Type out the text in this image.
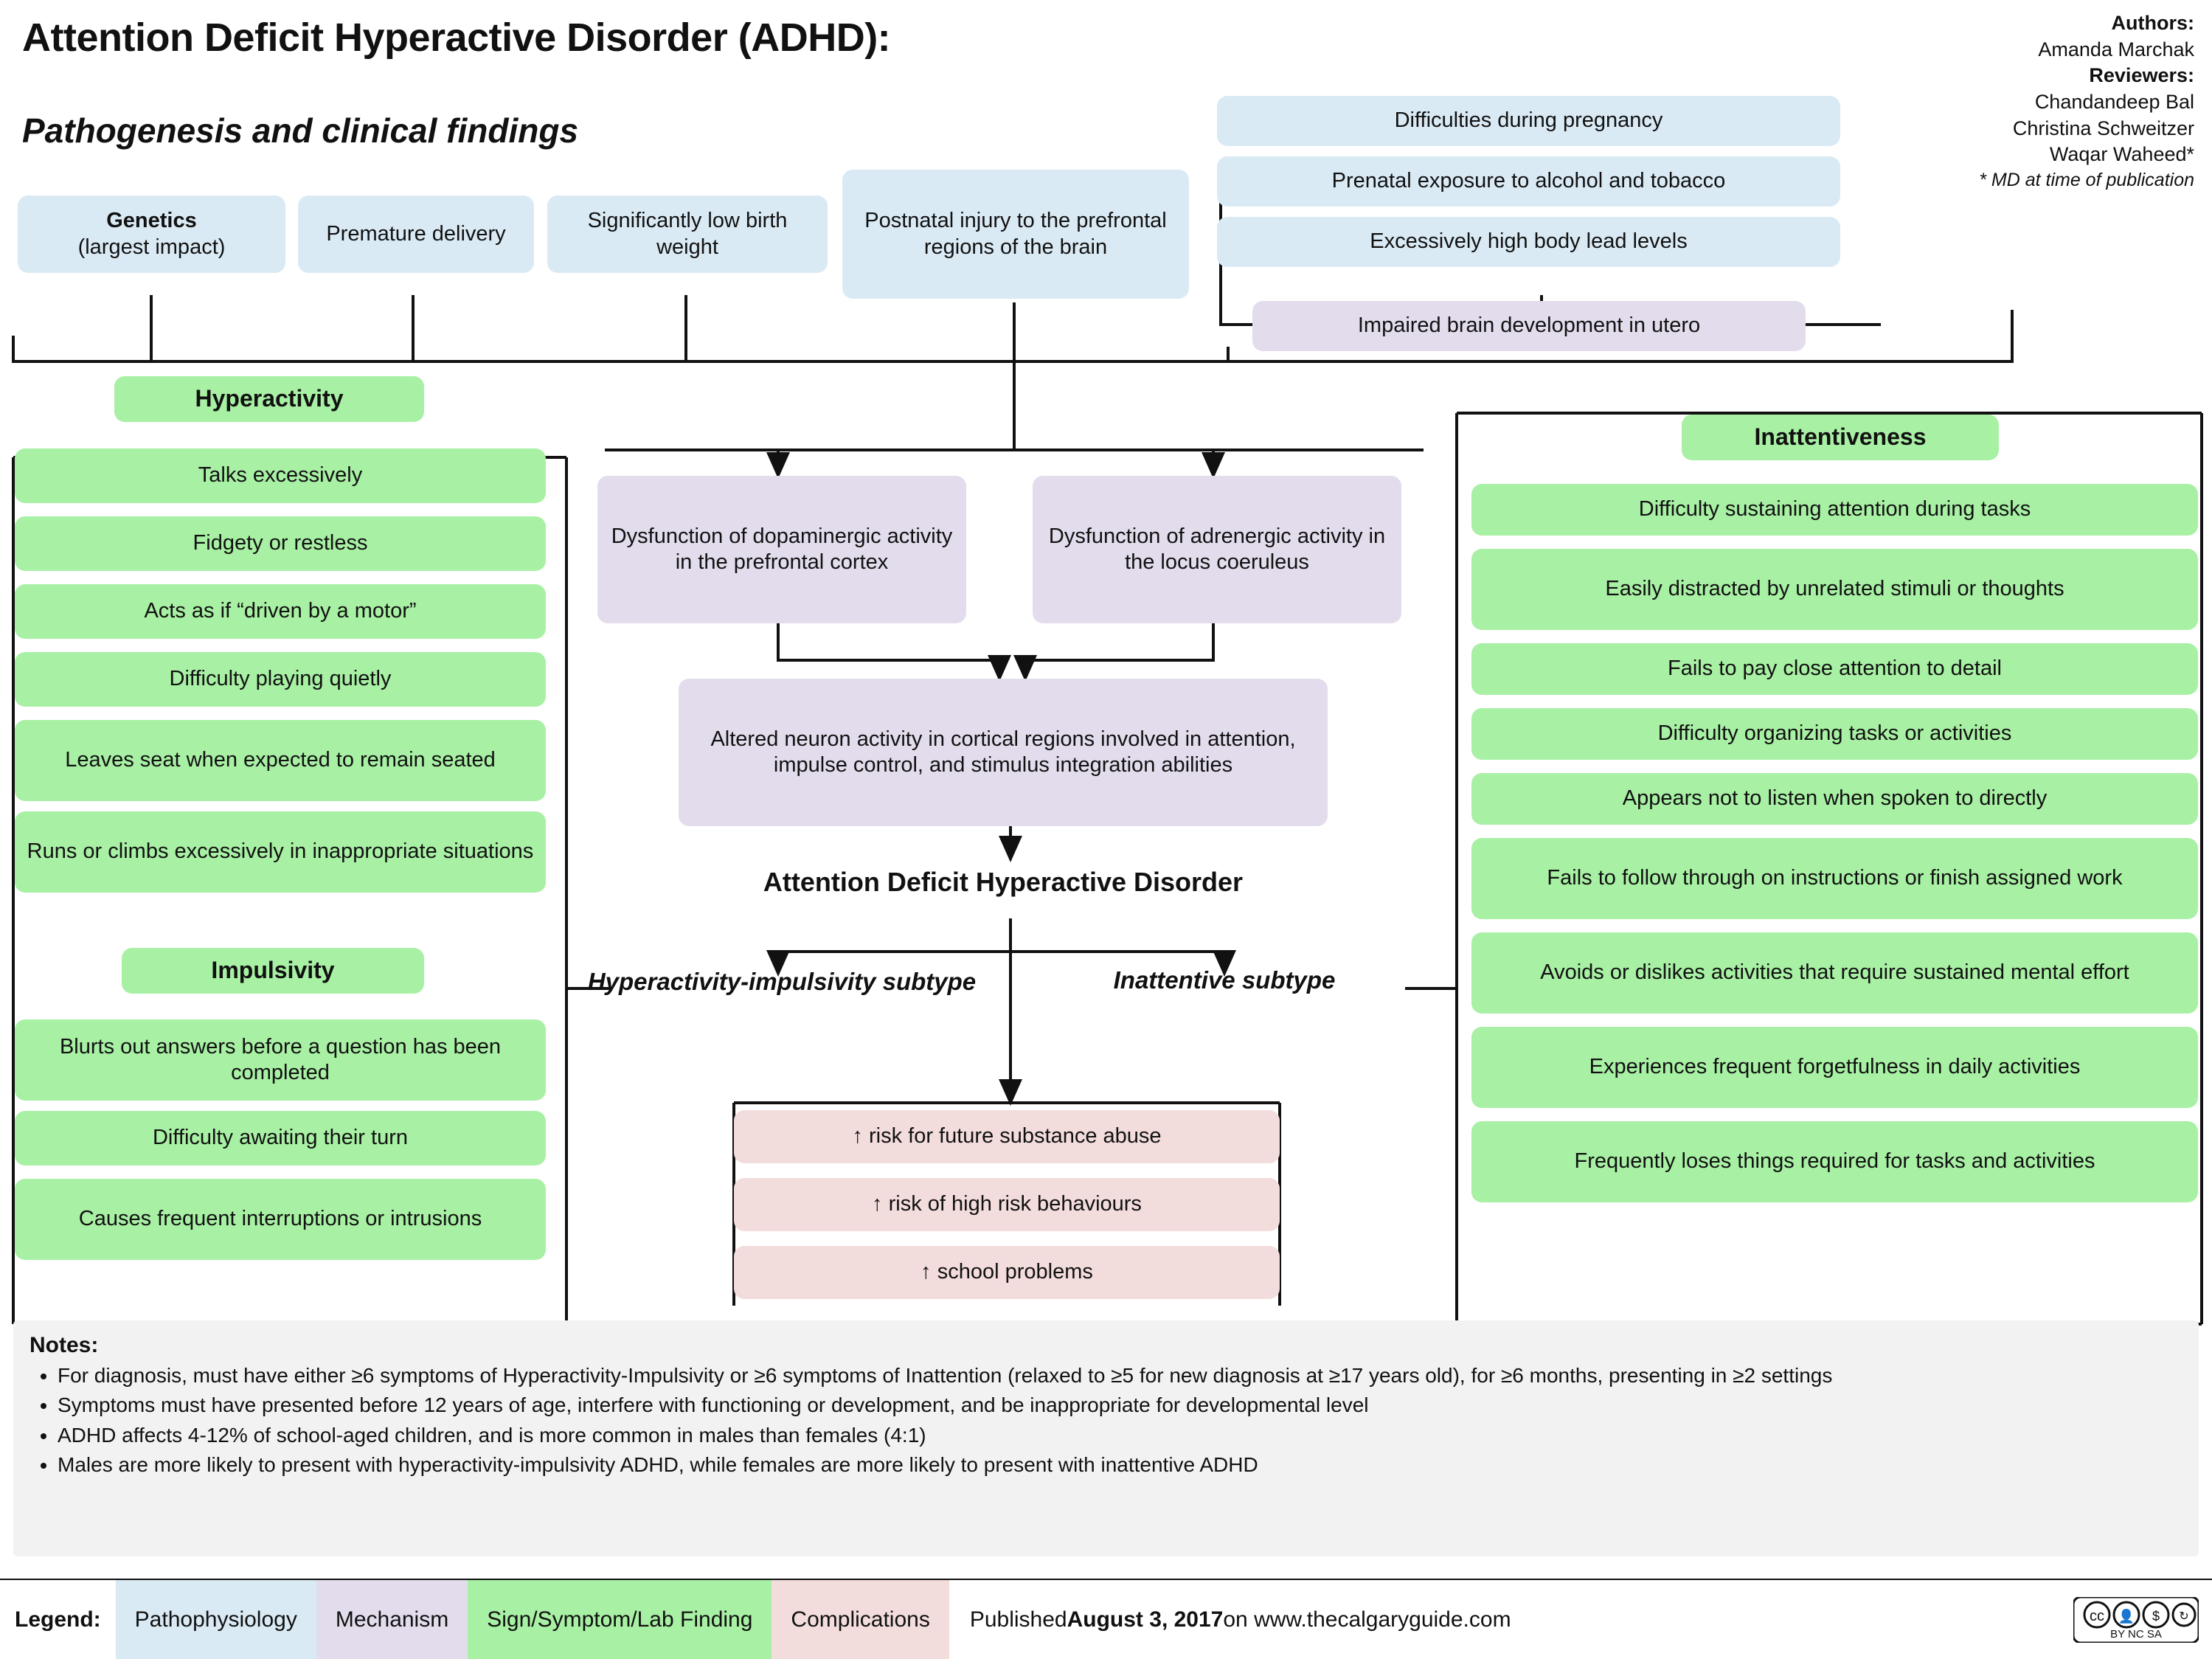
Attention Deficit Hyperactive Disorder (ADHD):
Pathogenesis and clinical findings
Authors:
Amanda Marchak
Reviewers:
Chandandeep Bal
Christina Schweitzer
Waqar Waheed*
* MD at time of publication
Genetics
(largest impact)
Premature delivery
Significantly low birth weight
Postnatal injury to the prefrontal regions of the brain
Difficulties during pregnancy
Prenatal exposure to alcohol and tobacco
Excessively high body lead levels
Impaired brain development in utero
Dysfunction of dopaminergic activity in the prefrontal cortex
Dysfunction of adrenergic activity in the locus coeruleus
Altered neuron activity in cortical regions involved in attention, impulse control, and stimulus integration abilities
Attention Deficit Hyperactive Disorder
Hyperactivity-impulsivity subtype	Inattentive subtype
↑ risk for future substance abuse
↑ risk of high risk behaviours
↑ school problems
Hyperactivity
Talks excessively
Fidgety or restless
Acts as if “driven by a motor”
Difficulty playing quietly
Leaves seat when expected to remain seated
Runs or climbs excessively in inappropriate situations
Impulsivity
Blurts out answers before a question has been completed
Difficulty awaiting their turn
Causes frequent interruptions or intrusions
Inattentiveness
Difficulty sustaining attention during tasks
Easily distracted by unrelated stimuli or thoughts
Fails to pay close attention to detail
Difficulty organizing tasks or activities
Appears not to listen when spoken to directly
Fails to follow through on instructions or finish assigned work
Avoids or dislikes activities that require sustained mental effort
Experiences frequent forgetfulness in daily activities
Frequently loses things required for tasks and activities
Notes:
• For diagnosis, must have either ≥6 symptoms of Hyperactivity-Impulsivity or ≥6 symptoms of Inattention (relaxed to ≥5 for new diagnosis at ≥17 years old), for ≥6 months, presenting in ≥2 settings
• Symptoms must have presented before 12 years of age, interfere with functioning or development, and be inappropriate for developmental level
• ADHD affects 4-12% of school-aged children, and is more common in males than females (4:1)
• Males are more likely to present with hyperactivity-impulsivity ADHD, while females are more likely to present with inattentive ADHD
Legend:	Pathophysiology	Mechanism	Sign/Symptom/Lab Finding	Complications	Published August 3, 2017 on www.thecalgaryguide.com	cc 👤 $ ↻
BY NC SA
